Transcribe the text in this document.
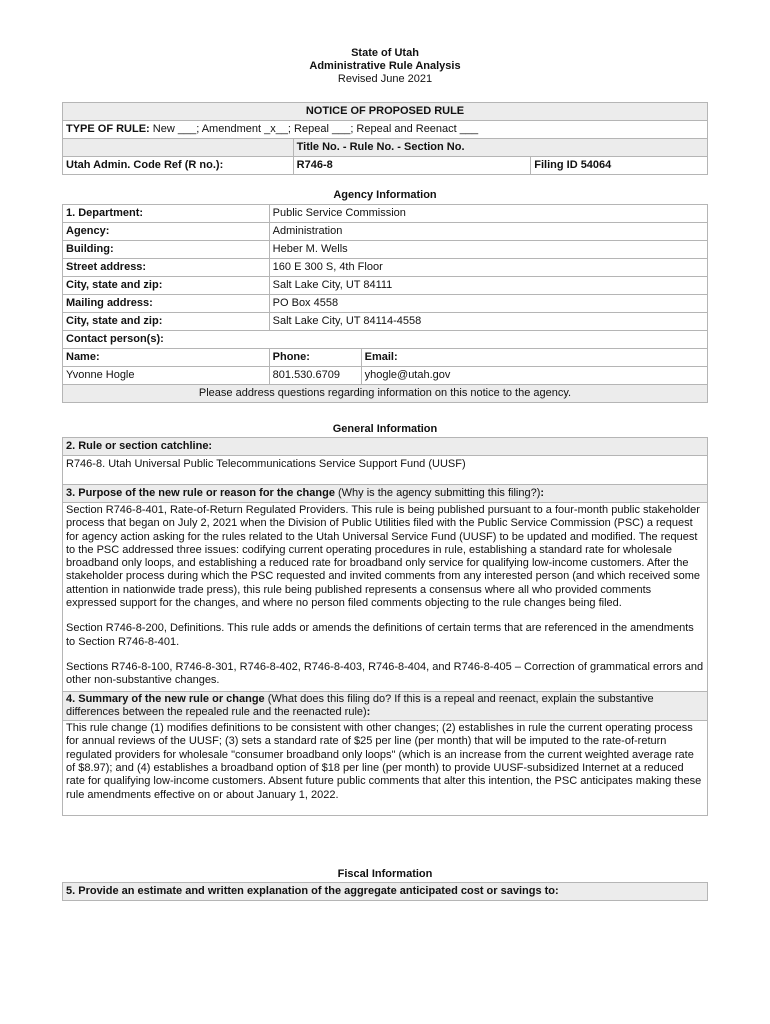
State of Utah
Administrative Rule Analysis
Revised June 2021
NOTICE OF PROPOSED RULE		
TYPE OF RULE: New ___; Amendment _x__; Repeal ___; Repeal and Reenact ___		
	Title No. - Rule No. - Section No.	
Utah Admin. Code Ref (R no.):	R746-8	Filing ID 54064
Agency Information
1. Department:	Public Service Commission	
Agency:	Administration	
Building:	Heber M. Wells	
Street address:	160 E 300 S, 4th Floor	
City, state and zip:	Salt Lake City, UT 84111	
Mailing address:	PO Box 4558	
City, state and zip:	Salt Lake City, UT 84114-4558	
Contact person(s):		
Name:	Phone:	Email:
Yvonne Hogle	801.530.6709	yhogle@utah.gov
Please address questions regarding information on this notice to the agency.		
General Information
2. Rule or section catchline:
R746-8. Utah Universal Public Telecommunications Service Support Fund (UUSF)
3. Purpose of the new rule or reason for the change (Why is the agency submitting this filing?):

Section R746-8-401, Rate-of-Return Regulated Providers. This rule is being published pursuant to a four-month public stakeholder process that began on July 2, 2021 when the Division of Public Utilities filed with the Public Service Commission (PSC) a request for agency action asking for the rules related to the Utah Universal Service Fund (UUSF) to be updated and modified. The request to the PSC addressed three issues: codifying current operating procedures in rule, establishing a standard rate for wholesale broadband only loops, and establishing a reduced rate for broadband only service for qualifying low-income customers. After the stakeholder process during which the PSC requested and invited comments from any interested person (and which received some attention in nationwide trade press), this rule being published represents a consensus where all who provided comments expressed support for the changes, and where no person filed comments objecting to the rule changes being filed.

Section R746-8-200, Definitions. This rule adds or amends the definitions of certain terms that are referenced in the amendments to Section R746-8-401.

Sections R746-8-100, R746-8-301, R746-8-402, R746-8-403, R746-8-404, and R746-8-405 – Correction of grammatical errors and other non-substantive changes.

4. Summary of the new rule or change (What does this filing do? If this is a repeal and reenact, explain the substantive differences between the repealed rule and the reenacted rule):
This rule change (1) modifies definitions to be consistent with other changes; (2) establishes in rule the current operating process for annual reviews of the UUSF; (3) sets a standard rate of $25 per line (per month) that will be imputed to the rate-of-return regulated providers for wholesale "consumer broadband only loops" (which is an increase from the current weighted average rate of $8.97); and (4) establishes a broadband option of $18 per line (per month) to provide UUSF-subsidized Internet at a reduced rate for qualifying low-income customers. Absent future public comments that alter this intention, the PSC anticipates making these rule amendments effective on or about January 1, 2022.
Fiscal Information
5. Provide an estimate and written explanation of the aggregate anticipated cost or savings to:
